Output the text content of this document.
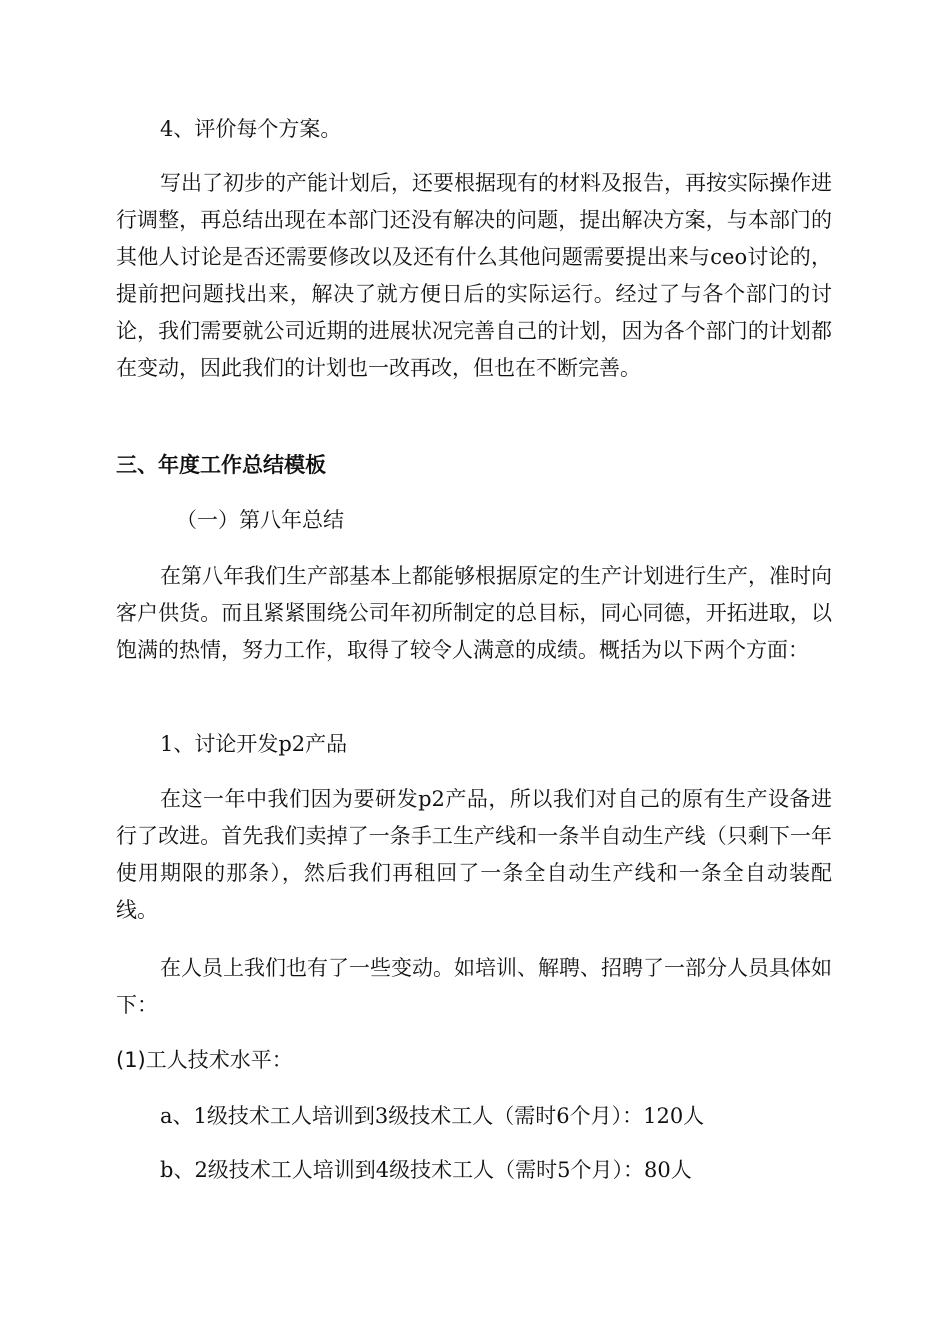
4、评价每个方案。
写出了初步的产能计划后，还要根据现有的材料及报告，再按实际操作进行调整，再总结出现在本部门还没有解决的问题，提出解决方案，与本部门的其他人讨论是否还需要修改以及还有什么其他问题需要提出来与ceo讨论的，提前把问题找出来，解决了就方便日后的实际运行。经过了与各个部门的讨论，我们需要就公司近期的进展状况完善自己的计划，因为各个部门的计划都在变动，因此我们的计划也一改再改，但也在不断完善。
三、年度工作总结模板
（一）第八年总结
在第八年我们生产部基本上都能够根据原定的生产计划进行生产，准时向客户供货。而且紧紧围绕公司年初所制定的总目标，同心同德，开拓进取，以饱满的热情，努力工作，取得了较令人满意的成绩。概括为以下两个方面：
1、讨论开发p2产品
在这一年中我们因为要研发p2产品，所以我们对自己的原有生产设备进行了改进。首先我们卖掉了一条手工生产线和一条半自动生产线（只剩下一年使用期限的那条），然后我们再租回了一条全自动生产线和一条全自动装配线。
在人员上我们也有了一些变动。如培训、解聘、招聘了一部分人员具体如下：
(1)工人技术水平：
a、1级技术工人培训到3级技术工人（需时6个月）：120人
b、2级技术工人培训到4级技术工人（需时5个月）：80人
